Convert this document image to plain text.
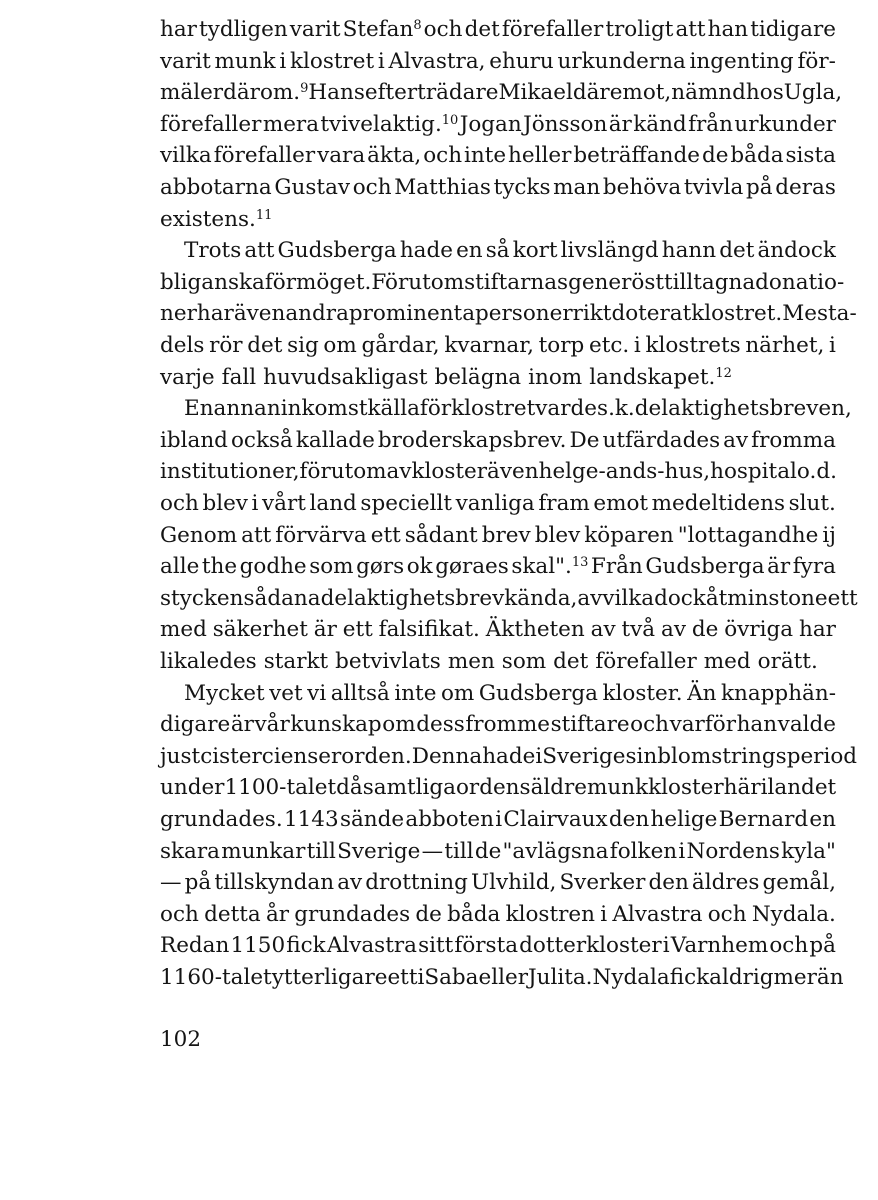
har tydligen varit Stefan$^8$ och det förefaller troligt att han tidigare
varit munk i klostret i Alvastra, ehuru urkunderna ingenting för-
mäler därom.$^9$ Hans efterträdare Mikael däremot, nämnd hos Ugla,
förefaller mera tvivelaktig.$^{10}$ Jogan Jönsson är känd från urkunder
vilka förefaller vara äkta, och inte heller beträffande de båda sista
abbotarna Gustav och Matthias tycks man behöva tvivla på deras
existens.$^{11}$
Trots att Gudsberga hade en så kort livslängd hann det ändock
bli ganska förmöget. Förutom stiftarnas generöst tilltagna donatio-
ner har även andra prominenta personer rikt doterat klostret. Mesta-
dels rör det sig om gårdar, kvarnar, torp etc. i klostrets närhet, i
varje fall huvudsakligast belägna inom landskapet.$^{12}$
En annan inkomstkälla för klostret var de s. k. delaktighetsbreven,
ibland också kallade broderskapsbrev. De utfärdades av fromma
institutioner, förutom av kloster även helge-ands-hus, hospital o. d.
och blev i vårt land speciellt vanliga fram emot medeltidens slut.
Genom att förvärva ett sådant brev blev köparen "lottagandhe ij
alle the godhe som gørs ok gøraes skal".$^{13}$ Från Gudsberga är fyra
stycken sådana delaktighetsbrev kända, av vilka dock åtminstone ett
med säkerhet är ett falsifikat. Äktheten av två av de övriga har
likaledes starkt betvivlats men som det förefaller med orätt.
Mycket vet vi alltså inte om Gudsberga kloster. Än knapphän-
digare är vår kunskap om dess fromme stiftare och varför han valde
just cistercienserorden. Denna hade i Sverige sin blomstringsperiod
under 1100-talet då samtliga ordens äldre munkkloster här i landet
grundades. 1143 sände abboten i Clairvaux den helige Bernard en
skara munkar till Sverige — till de "avlägsna folken i Nordens kyla"
— på tillskyndan av drottning Ulvhild, Sverker den äldres gemål,
och detta år grundades de båda klostren i Alvastra och Nydala.
Redan 1150 fick Alvastra sitt första dotterkloster i Varnhem och på
1160-talet ytterligare ett i Saba eller Julita. Nydala fick aldrig mer än
102
